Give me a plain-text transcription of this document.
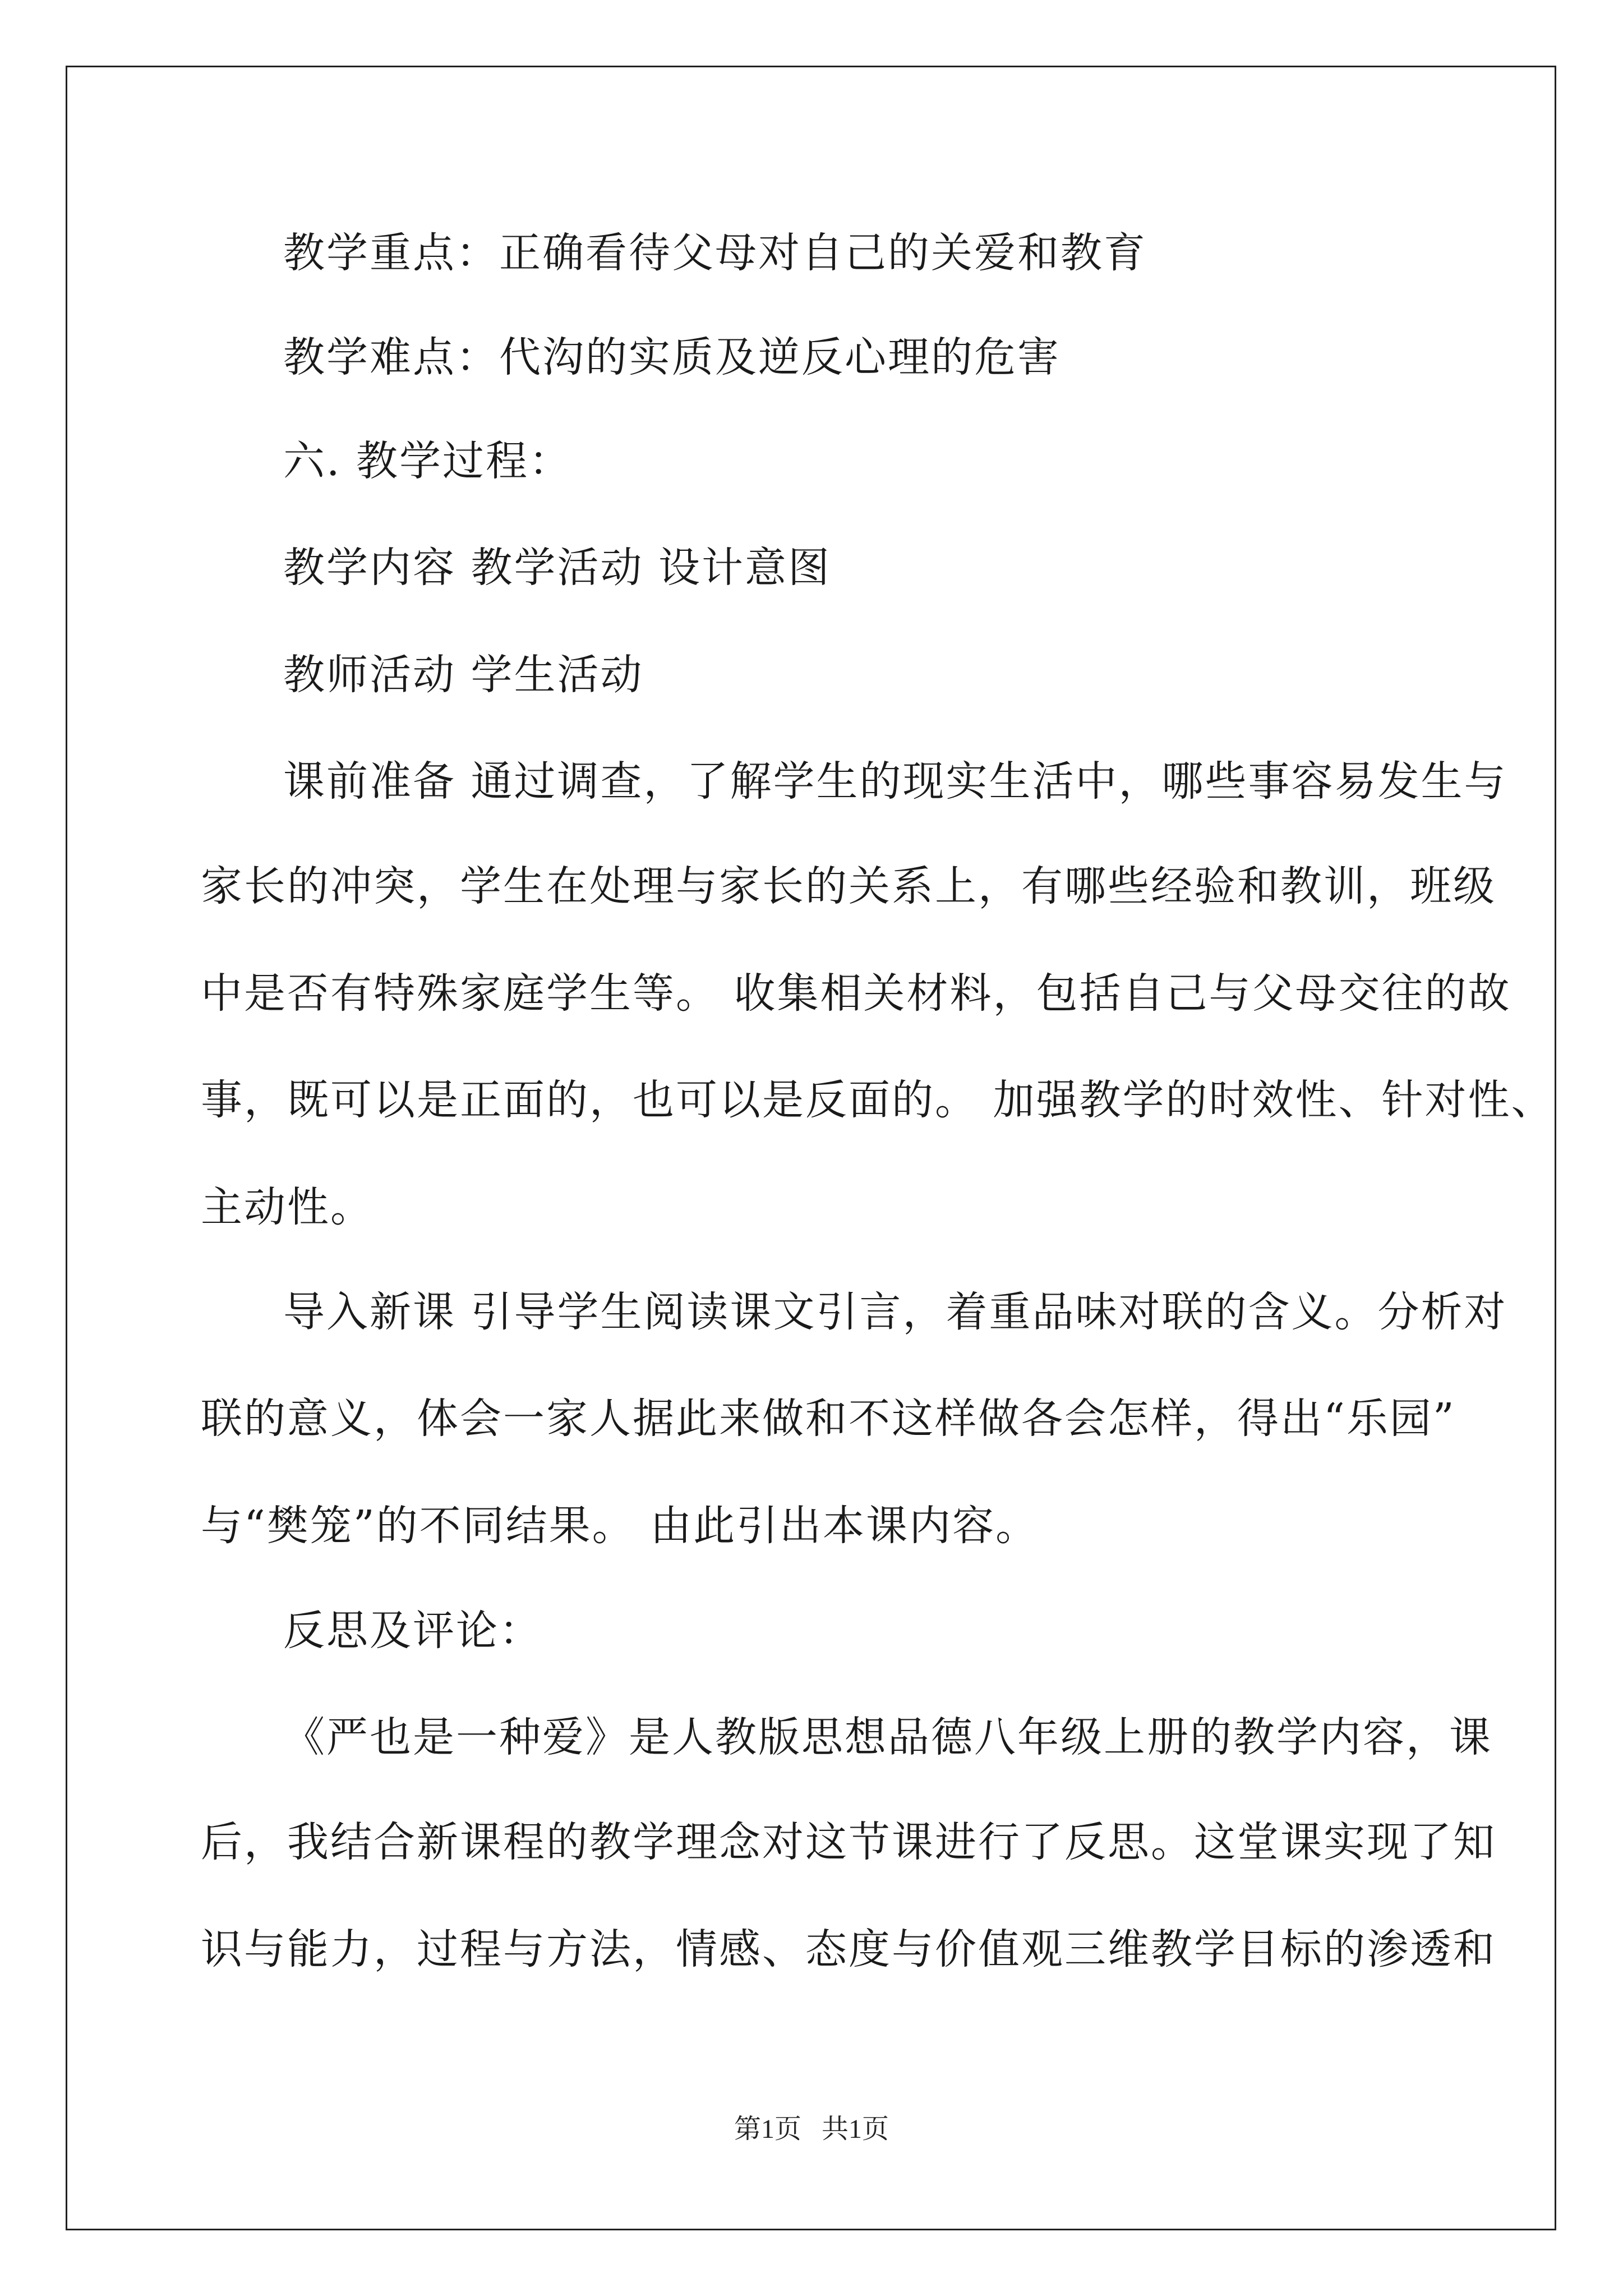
教学重点：正确看待父母对自己的关爱和教育
教学难点：代沟的实质及逆反心理的危害
六. 教学过程：
教学内容 教学活动 设计意图
教师活动 学生活动
课前准备 通过调查，了解学生的现实生活中，哪些事容易发生与
家长的冲突，学生在处理与家长的关系上，有哪些经验和教训，班级
中是否有特殊家庭学生等。 收集相关材料，包括自己与父母交往的故
事，既可以是正面的，也可以是反面的。 加强教学的时效性、针对性、
主动性。
导入新课 引导学生阅读课文引言，着重品味对联的含义。分析对
联的意义，体会一家人据此来做和不这样做各会怎样，得出“乐园”
与“樊笼”的不同结果。 由此引出本课内容。
反思及评论：
《严也是一种爱》是人教版思想品德八年级上册的教学内容，课
后，我结合新课程的教学理念对这节课进行了反思。这堂课实现了知
识与能力，过程与方法，情感、态度与价值观三维教学目标的渗透和
第1页   共1页
